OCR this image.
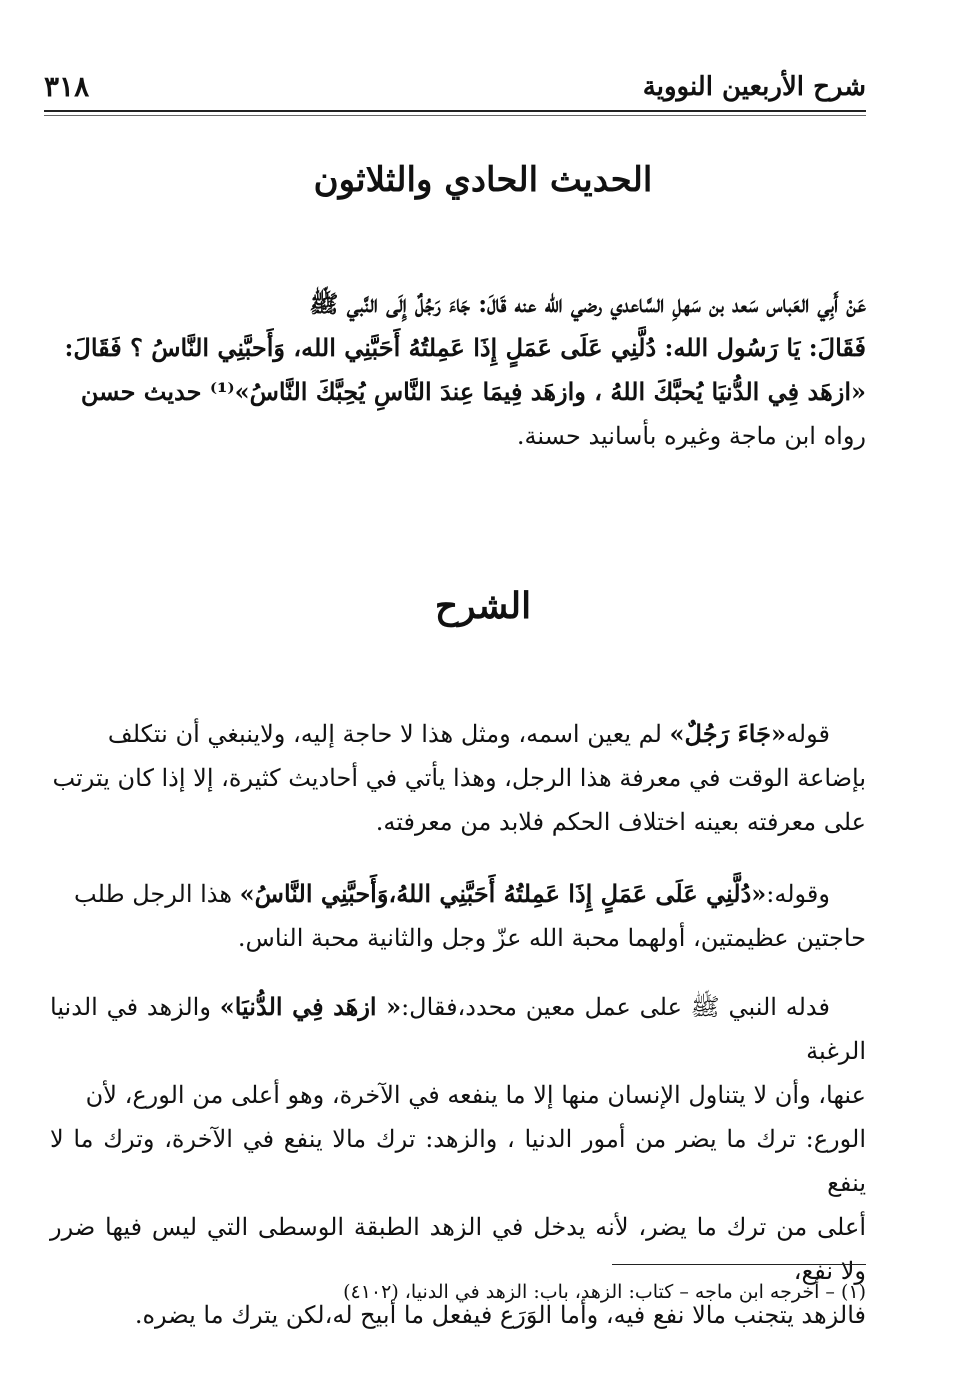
شرح الأربعين النووية
٣١٨
الحديث الحادي والثلاثون

عَنْ أَبِي العَباس سَعد بن سَهلِ السَّاعدي رضي الله عنه قَالَ: جَاءَ رَجُلٌ إِلَى النَّبي ﷺ

فَقَالَ: يَا رَسُول الله: دُلَّنِي عَلَى عَمَلٍ إِذَا عَمِلتُهُ أَحَبَّنِي الله، وَأَحبَّنِي النَّاسُ ؟ فَقَالَ:

«ازهَد فِي الدُّنيَا يُحبَّكَ اللهُ ، وازهَد فِيمَا عِندَ النَّاسِ يُحِبَّكَ النَّاسُ»⁽¹⁾ حديث حسن

رواه ابن ماجة وغيره بأسانيد حسنة.

الشرح

قوله«جَاءَ رَجُلٌ» لم يعين اسمه، ومثل هذا لا حاجة إليه، ولاينبغي أن نتكلف

بإضاعة الوقت في معرفة هذا الرجل، وهذا يأتي في أحاديث كثيرة، إلا إذا كان يترتب

على معرفته بعينه اختلاف الحكم فلابد من معرفته.

وقوله:«دُلَّنِي عَلَى عَمَلٍ إِذَا عَمِلتُهُ أَحَبَّنِي اللهُ،وَأَحبَّنِي النَّاسُ» هذا الرجل طلب

حاجتين عظيمتين، أولهما محبة الله عزّ وجل والثانية محبة الناس.

فدله النبي ﷺ على عمل معين محدد،فقال:« ازهَد فِي الدُّنيَا» والزهد في الدنيا الرغبة

عنها، وأن لا يتناول الإنسان منها إلا ما ينفعه في الآخرة، وهو أعلى من الورع، لأن

الورع: ترك ما يضر من أمور الدنيا ، والزهد: ترك مالا ينفع في الآخرة، وترك ما لا ينفع

أعلى من ترك ما يضر، لأنه يدخل في الزهد الطبقة الوسطى التي ليس فيها ضرر ولا نفع،

فالزهد يتجنب مالا نفع فيه، وأما الوَرَع فيفعل ما أبيح له،لكن يترك ما يضره.

(١) – أخرجه ابن ماجه – كتاب: الزهد، باب: الزهد في الدنيا، (٤١٠٢)
